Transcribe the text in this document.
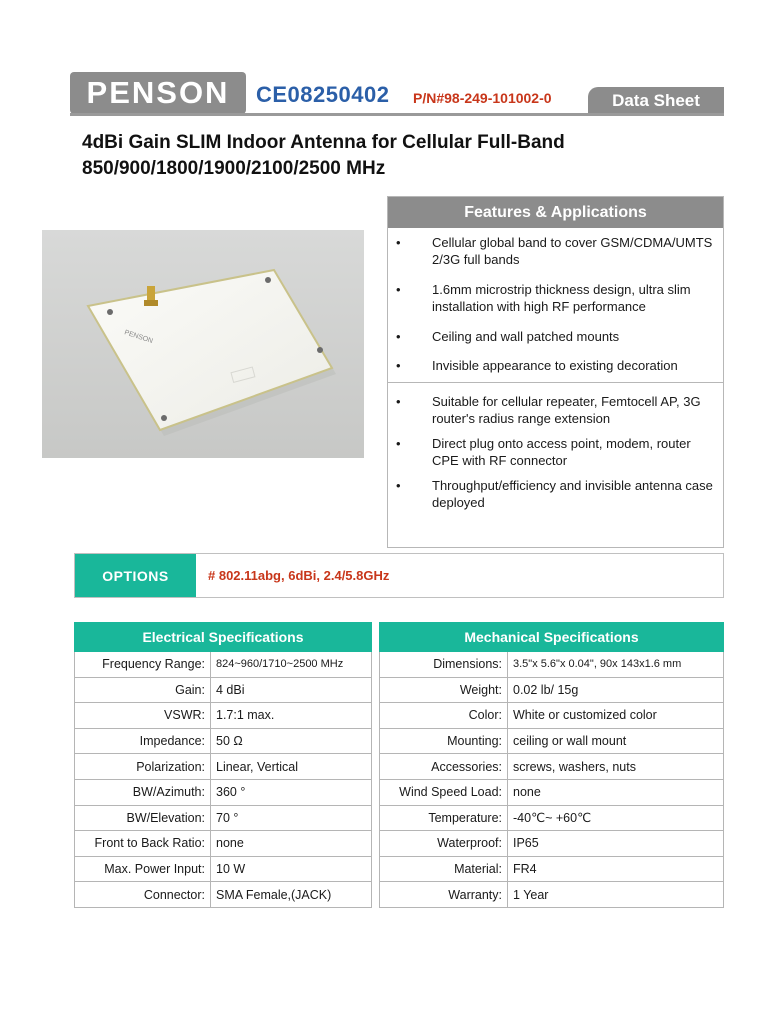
PENSON CE08250402 P/N#98-249-101002-0	Data Sheet
4dBi Gain SLIM Indoor Antenna for Cellular Full-Band
850/900/1800/1900/2100/2500 MHz
PENSON
Features & Applications
• Cellular global band to cover GSM/CDMA/UMTS 2/3G full bands
• 1.6mm microstrip thickness design, ultra slim installation with high RF performance
• Ceiling and wall patched mounts
• Invisible appearance to existing decoration
• Suitable for cellular repeater, Femtocell AP, 3G router's radius range extension
• Direct plug onto access point, modem, router CPE with RF connector
• Throughput/efficiency and invisible antenna case deployed
OPTIONS	# 802.11abg, 6dBi, 2.4/5.8GHz
Electrical Specifications	
Frequency Range:	824~960/1710~2500 MHz
Gain:	4 dBi
VSWR:	1.7:1 max.
Impedance:	50 Ω
Polarization:	Linear, Vertical
BW/Azimuth:	360 °
BW/Elevation:	70 °
Front to Back Ratio:	none
Max. Power Input:	10 W
Connector:	SMA Female,(JACK)
Mechanical Specifications	
Dimensions:	3.5"x 5.6"x 0.04", 90x 143x1.6 mm
Weight:	0.02 lb/ 15g
Color:	White or customized color
Mounting:	ceiling or wall mount
Accessories:	screws, washers, nuts
Wind Speed Load:	none
Temperature:	-40℃~ +60℃
Waterproof:	IP65
Material:	FR4
Warranty:	1 Year
